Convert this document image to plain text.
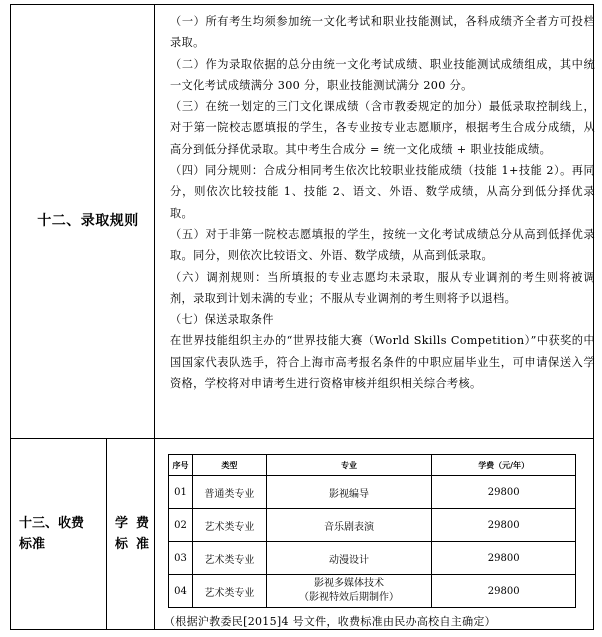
十二、录取规则

（一）所有考生均须参加统一文化考试和职业技能测试，各科成绩齐全者方可投档录取。

（二）作为录取依据的总分由统一文化考试成绩、职业技能测试成绩组成，其中统一文化考试成绩满分 300 分，职业技能测试满分 200 分。

（三）在统一划定的三门文化课成绩（含市教委规定的加分）最低录取控制线上，对于第一院校志愿填报的学生，各专业按专业志愿顺序，根据考生合成分成绩，从高分到低分择优录取。其中考生合成分 = 统一文化成绩 + 职业技能成绩。

（四）同分规则：合成分相同考生依次比较职业技能成绩（技能 1+技能 2）。再同分，则依次比较技能 1、技能 2、语文、外语、数学成绩，从高分到低分择优录取。

（五）对于非第一院校志愿填报的学生，按统一文化考试成绩总分从高到低择优录取。同分，则依次比较语文、外语、数学成绩，从高到低录取。

（六）调剂规则：当所填报的专业志愿均未录取，服从专业调剂的考生则将被调剂，录取到计划未满的专业；不服从专业调剂的考生则将予以退档。

（七）保送录取条件

在世界技能组织主办的“世界技能大赛（World Skills Competition）”中获奖的中国国家代表队选手，符合上海市高考报名条件的中职应届毕业生，可申请保送入学资格，学校将对申请考生进行资格审核并组织相关综合考核。

十三、收费
标准
学费
标准
序号	类型	专业	学费（元/年）
01	普通类专业	影视编导	29800
02	艺术类专业	音乐剧表演	29800
03	艺术类专业	动漫设计	29800
04	艺术类专业	影视多媒体技术
（影视特效后期制作）	29800
（根据沪教委民[2015]4 号文件，收费标准由民办高校自主确定）
